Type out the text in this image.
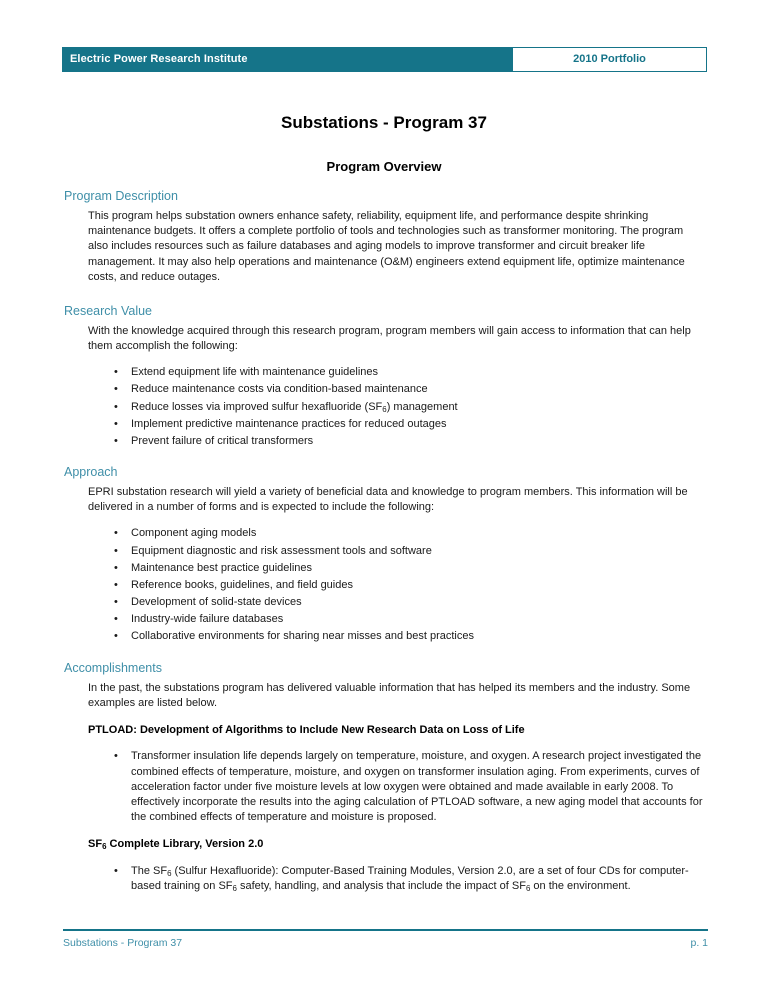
Electric Power Research Institute	2010 Portfolio
Substations - Program 37
Program Overview
Program Description

This program helps substation owners enhance safety, reliability, equipment life, and performance despite shrinking maintenance budgets. It offers a complete portfolio of tools and technologies such as transformer monitoring. The program also includes resources such as failure databases and aging models to improve transformer and circuit breaker life management. It may also help operations and maintenance (O&M) engineers extend equipment life, optimize maintenance costs, and reduce outages.

Research Value

With the knowledge acquired through this research program, program members will gain access to information that can help them accomplish the following:

• Extend equipment life with maintenance guidelines
• Reduce maintenance costs via condition-based maintenance
• Reduce losses via improved sulfur hexafluoride $(SF_6)$ management
• Implement predictive maintenance practices for reduced outages
• Prevent failure of critical transformers
Approach

EPRI substation research will yield a variety of beneficial data and knowledge to program members. This information will be delivered in a number of forms and is expected to include the following:

• Component aging models
• Equipment diagnostic and risk assessment tools and software
• Maintenance best practice guidelines
• Reference books, guidelines, and field guides
• Development of solid-state devices
• Industry-wide failure databases
• Collaborative environments for sharing near misses and best practices
Accomplishments

In the past, the substations program has delivered valuable information that has helped its members and the industry. Some examples are listed below.

PTLOAD: Development of Algorithms to Include New Research Data on Loss of Life
• Transformer insulation life depends largely on temperature, moisture, and oxygen. A research project investigated the combined effects of temperature, moisture, and oxygen on transformer insulation aging. From experiments, curves of acceleration factor under five moisture levels at low oxygen were obtained and made available in early 2008. To effectively incorporate the results into the aging calculation of PTLOAD software, a new aging model that accounts for the combined effects of temperature and moisture is proposed.
$SF_6$ Complete Library, Version 2.0
• The $SF_6$ (Sulfur Hexafluoride): Computer-Based Training Modules, Version 2.0, are a set of four CDs for computer-based training on $SF_6$ safety, handling, and analysis that include the impact of $SF_6$ on the environment.
Substations - Program 37	p. 1
